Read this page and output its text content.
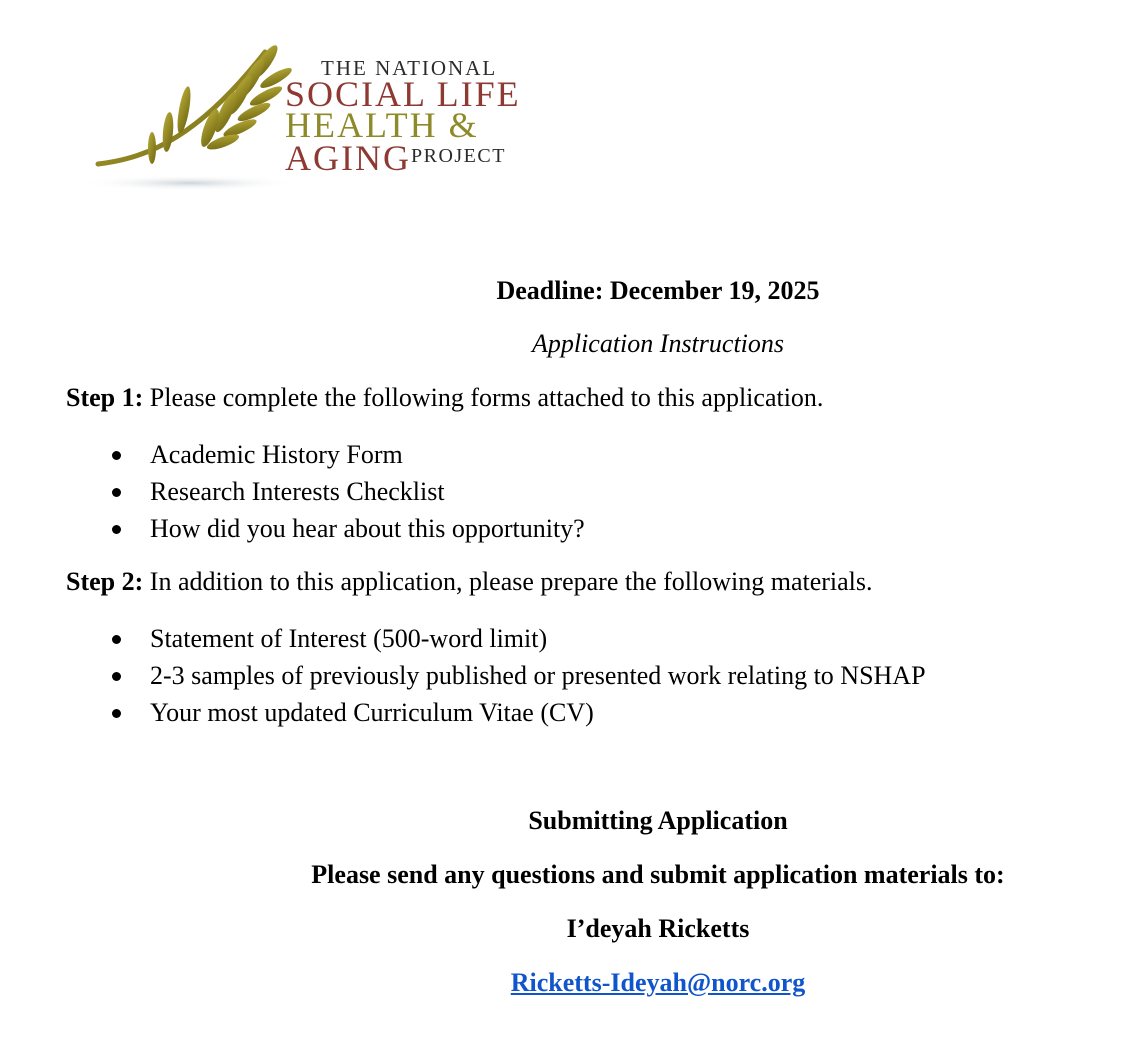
THE NATIONAL
SOCIAL LIFE
HEALTH &
$AGING^{PROJECT}$
Deadline: December 19, 2025
Application Instructions
Step 1: Please complete the following forms attached to this application.
Academic History Form
Research Interests Checklist
How did you hear about this opportunity?
Step 2: In addition to this application, please prepare the following materials.
Statement of Interest (500-word limit)
2-3 samples of previously published or presented work relating to NSHAP
Your most updated Curriculum Vitae (CV)
Submitting Application
Please send any questions and submit application materials to:
I’deyah Ricketts
Ricketts-Ideyah@norc.org
